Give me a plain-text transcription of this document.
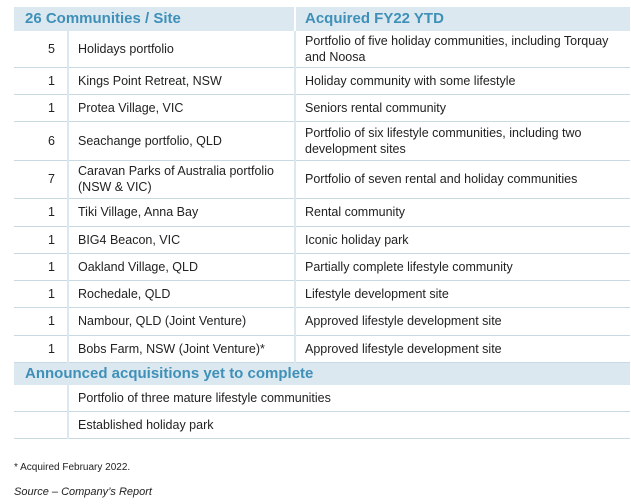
26 Communities / Site		Acquired FY22 YTD
5	Holidays portfolio	Portfolio of five holiday communities, including Torquay and Noosa
1	Kings Point Retreat, NSW	Holiday community with some lifestyle
1	Protea Village, VIC	Seniors rental community
6	Seachange portfolio, QLD	Portfolio of six lifestyle communities, including two development sites
7	Caravan Parks of Australia portfolio (NSW & VIC)	Portfolio of seven rental and holiday communities
1	Tiki Village, Anna Bay	Rental community
1	BIG4 Beacon, VIC	Iconic holiday park
1	Oakland Village, QLD	Partially complete lifestyle community
1	Rochedale, QLD	Lifestyle development site
1	Nambour, QLD (Joint Venture)	Approved lifestyle development site
1	Bobs Farm, NSW (Joint Venture)*	Approved lifestyle development site
Announced acquisitions yet to complete		
	Portfolio of three mature lifestyle communities	
	Established holiday park	
* Acquired February 2022.
Source – Company’s Report
